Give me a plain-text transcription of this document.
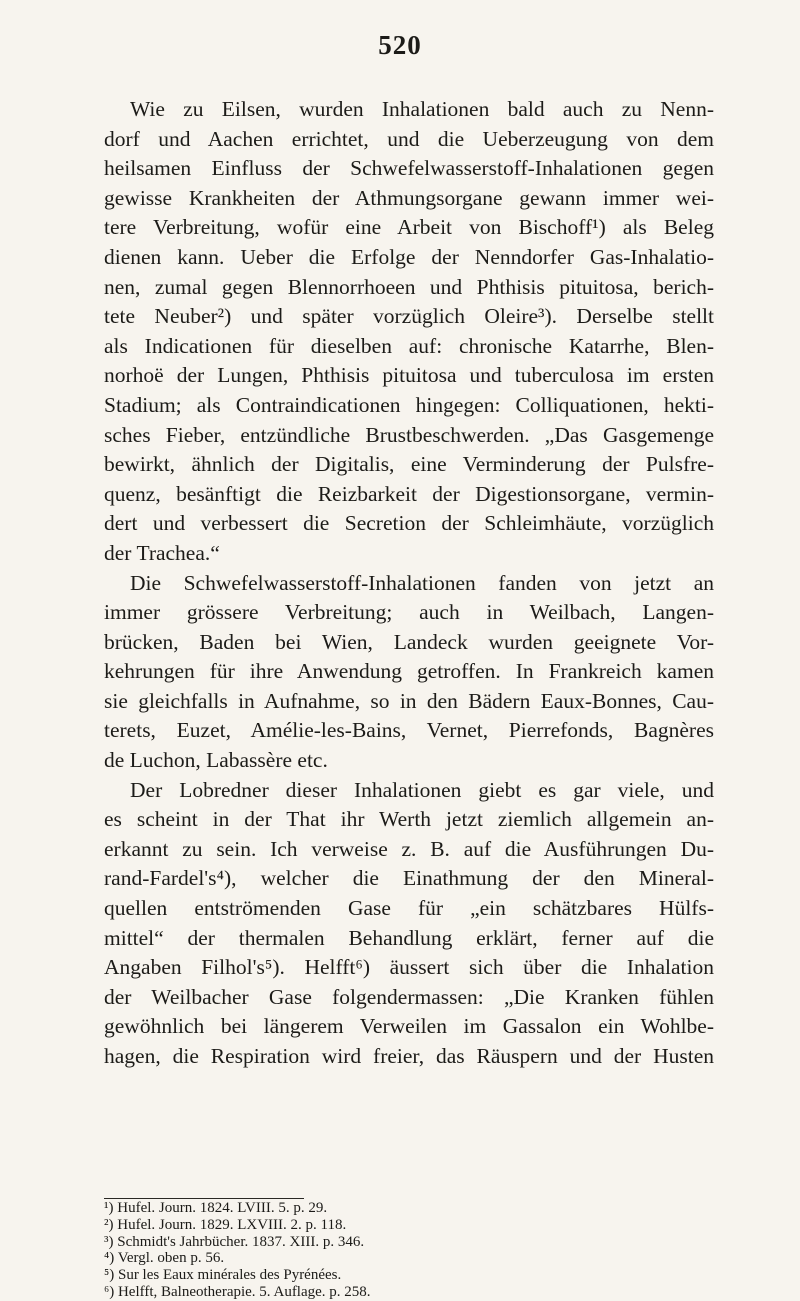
520
Wie zu Eilsen, wurden Inhalationen bald auch zu Nenn-
dorf und Aachen errichtet, und die Ueberzeugung von dem
heilsamen Einfluss der Schwefelwasserstoff-Inhalationen gegen
gewisse Krankheiten der Athmungsorgane gewann immer wei-
tere Verbreitung, wofür eine Arbeit von Bischoff¹) als Beleg
dienen kann. Ueber die Erfolge der Nenndorfer Gas-Inhalatio-
nen, zumal gegen Blennorrhoeen und Phthisis pituitosa, berich-
tete Neuber²) und später vorzüglich Oleire³). Derselbe stellt
als Indicationen für dieselben auf: chronische Katarrhe, Blen-
norhoë der Lungen, Phthisis pituitosa und tuberculosa im ersten
Stadium; als Contraindicationen hingegen: Colliquationen, hekti-
sches Fieber, entzündliche Brustbeschwerden. „Das Gasgemenge
bewirkt, ähnlich der Digitalis, eine Verminderung der Pulsfre-
quenz, besänftigt die Reizbarkeit der Digestionsorgane, vermin-
dert und verbessert die Secretion der Schleimhäute, vorzüglich
der Trachea.“
Die Schwefelwasserstoff-Inhalationen fanden von jetzt an
immer grössere Verbreitung; auch in Weilbach, Langen-
brücken, Baden bei Wien, Landeck wurden geeignete Vor-
kehrungen für ihre Anwendung getroffen. In Frankreich kamen
sie gleichfalls in Aufnahme, so in den Bädern Eaux-Bonnes, Cau-
terets, Euzet, Amélie-les-Bains, Vernet, Pierrefonds, Bagnères
de Luchon, Labassère etc.
Der Lobredner dieser Inhalationen giebt es gar viele, und
es scheint in der That ihr Werth jetzt ziemlich allgemein an-
erkannt zu sein. Ich verweise z. B. auf die Ausführungen Du-
rand-Fardel's⁴), welcher die Einathmung der den Mineral-
quellen entströmenden Gase für „ein schätzbares Hülfs-
mittel“ der thermalen Behandlung erklärt, ferner auf die
Angaben Filhol's⁵). Helfft⁶) äussert sich über die Inhalation
der Weilbacher Gase folgendermassen: „Die Kranken fühlen
gewöhnlich bei längerem Verweilen im Gassalon ein Wohlbe-
hagen, die Respiration wird freier, das Räuspern und der Husten
¹) Hufel. Journ. 1824. LVIII. 5. p. 29.
²) Hufel. Journ. 1829. LXVIII. 2. p. 118.
³) Schmidt's Jahrbücher. 1837. XIII. p. 346.
⁴) Vergl. oben p. 56.
⁵) Sur les Eaux minérales des Pyrénées.
⁶) Helfft, Balneotherapie. 5. Auflage. p. 258.
